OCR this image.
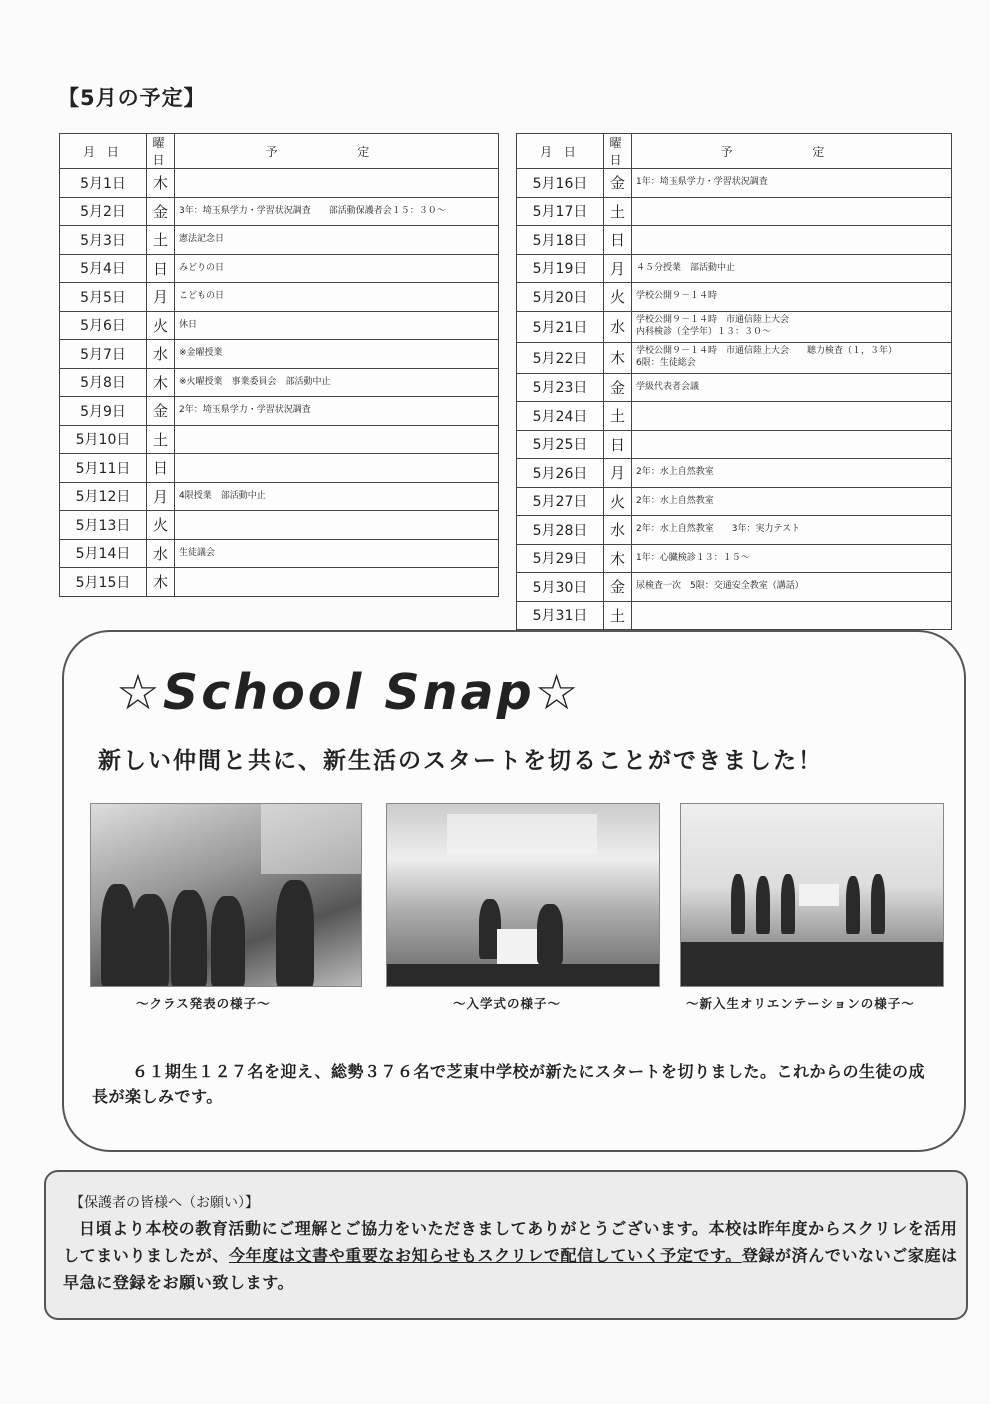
【5月の予定】
月 日	曜日	予 定
5月1日	木	
5月2日	金	3年：埼玉県学力・学習状況調査　　部活動保護者会１５：３０～
5月3日	土	憲法記念日
5月4日	日	みどりの日
5月5日	月	こどもの日
5月6日	火	休日
5月7日	水	※金曜授業
5月8日	木	※火曜授業　事業委員会　部活動中止
5月9日	金	2年：埼玉県学力・学習状況調査
5月10日	土	
5月11日	日	
5月12日	月	4限授業　部活動中止
5月13日	火	
5月14日	水	生徒議会
5月15日	木	
月 日	曜日	予 定
5月16日	金	1年：埼玉県学力・学習状況調査

5月17日	土	

5月18日	日	

5月19日	月	４５分授業　部活動中止

5月20日	火	学校公開９－１４時

5月21日	水	学校公開９－１４時　市通信陸上大会
内科検診（全学年）１３：３０～

5月22日	木	学校公開９－１４時　市通信陸上大会　　聴力検査（１，３年）
6限：生徒総会

5月23日	金	学級代表者会議

5月24日	土	

5月25日	日	

5月26日	月	2年：水上自然教室

5月27日	火	2年：水上自然教室

5月28日	水	2年：水上自然教室　　3年：実力テスト

5月29日	木	1年：心臓検診１３：１５～

5月30日	金	尿検査一次　5限：交通安全教室（講話）

5月31日	土	
☆School Snap☆
新しい仲間と共に、新生活のスタートを切ることができました！
～クラス発表の様子～	～入学式の様子～	～新入生オリエンテーションの様子～

６１期生１２７名を迎え、総勢３７６名で芝東中学校が新たにスタートを切りました。これからの生徒の成長が楽しみです。

【保護者の皆様へ（お願い）】

日頃より本校の教育活動にご理解とご協力をいただきましてありがとうございます。本校は昨年度からスクリレを活用してまいりましたが、今年度は文書や重要なお知らせもスクリレで配信していく予定です。登録が済んでいないご家庭は早急に登録をお願い致します。
